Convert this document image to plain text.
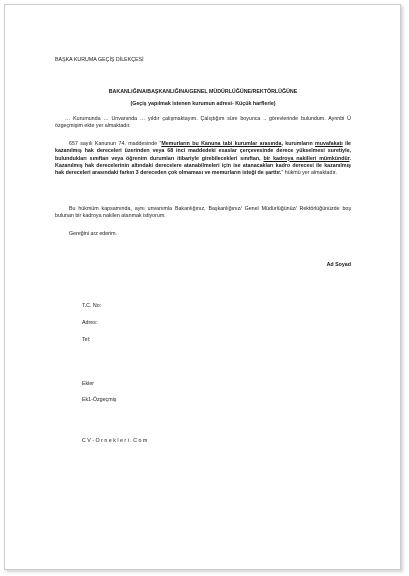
BAŞKA KURUMA GEÇİŞ DİLEKÇESİ
BAKANLIĞINA/BAŞKANLIĞINA/GENEL MÜDÜRLÜĞÜNE/REKTÖRLÜĞÜNE
(Geçiş yapılmak istenen kurumun adresi- Küçük harflerle)
… Kurumunda … Unvanında … yıldır çalışmaktayım. Çalıştığım süre boyunca .. görevlerinde bulundum. Aynnbi Ü özgeçmişim ekte yer almaktadır.
657 sayılı Kanunun 74. maddesinde "Memurların bu Kanuna tabi kurumlar arasında, kurumların muvafakatı ile kazanılmış hak dereceleri üzerinden veya 68 inci maddedeki esaslar çerçevesinde derece yükselmesi suretiyle, bulundukları sınıftan veya öğrenim durumları itibariyle girebilecekleri sınıftan, bir kadroya nakilleri mümkündür. Kazanılmış hak derecelerinin altındaki derecelere atanabilmeleri için ise atanacakları kadro derecesi ile kazanılmış hak dereceleri arasındaki farkın 3 dereceden çok olmaması ve memurların isteği de şarttır." hükmü yer almaktadır.
Bu hükmüm kapsamında, aynı unvanımla Bakanlığınız, Başkanlığınız/ Genel Müdürlüğünüz/ Rektörlüğünüzde boş bulunan bir kadroya nakilen atanmak istiyorum.
Gereğini arz ederim.
Ad Soyad
T.C. No:
Adres:
Tel:
Ekler
Ek1-Özgeçmiş
C V - O r n e k l e r i . C o m
